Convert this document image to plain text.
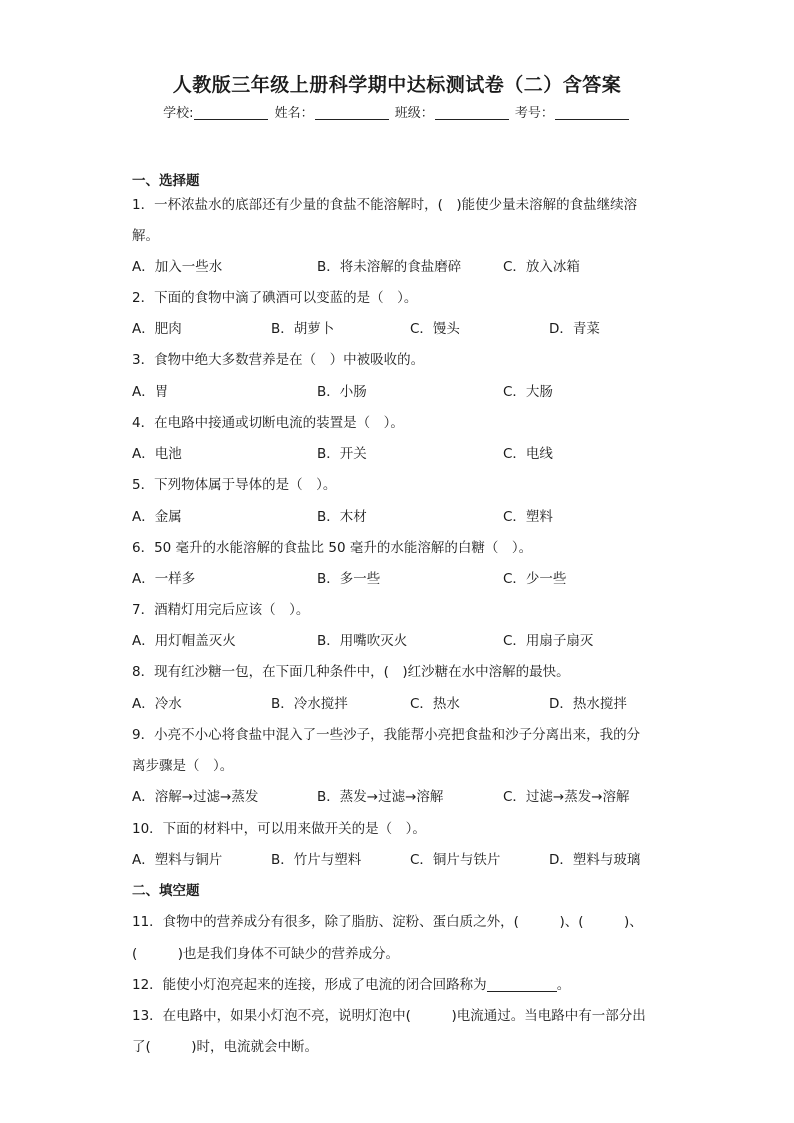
人教版三年级上册科学期中达标测试卷（二）含答案
学校:	姓名：	班级：	考号：
一、选择题
1．一杯浓盐水的底部还有少量的食盐不能溶解时，(　)能使少量未溶解的食盐继续溶
解。
A．加入一些水	B．将未溶解的食盐磨碎	C．放入冰箱
2．下面的食物中滴了碘酒可以变蓝的是（　）。
A．肥肉	B．胡萝卜	C．馒头	D．青菜
3．食物中绝大多数营养是在（　）中被吸收的。
A．胃	B．小肠	C．大肠
4．在电路中接通或切断电流的装置是（　）。
A．电池	B．开关	C．电线
5．下列物体属于导体的是（　）。
A．金属	B．木材	C．塑料
6．50 毫升的水能溶解的食盐比 50 毫升的水能溶解的白糖（　）。
A．一样多	B．多一些	C．少一些
7．酒精灯用完后应该（　）。
A．用灯帽盖灭火	B．用嘴吹灭火	C．用扇子扇灭
8．现有红沙糖一包，在下面几种条件中，(　)红沙糖在水中溶解的最快。
A．冷水	B．冷水搅拌	C．热水	D．热水搅拌
9．小亮不小心将食盐中混入了一些沙子，我能帮小亮把食盐和沙子分离出来，我的分
离步骤是（　）。
A．溶解→过滤→蒸发	B．蒸发→过滤→溶解	C．过滤→蒸发→溶解
10．下面的材料中，可以用来做开关的是（　）。
A．塑料与铜片	B．竹片与塑料	C．铜片与铁片	D．塑料与玻璃
二、填空题
11．食物中的营养成分有很多，除了脂肪、淀粉、蛋白质之外，(　　　)、(　　　)、
(　　　)也是我们身体不可缺少的营养成分。
12．能使小灯泡亮起来的连接，形成了电流的闭合回路称为	。
13．在电路中，如果小灯泡不亮，说明灯泡中(　　　)电流通过。当电路中有一部分出
了(　　　)时，电流就会中断。
